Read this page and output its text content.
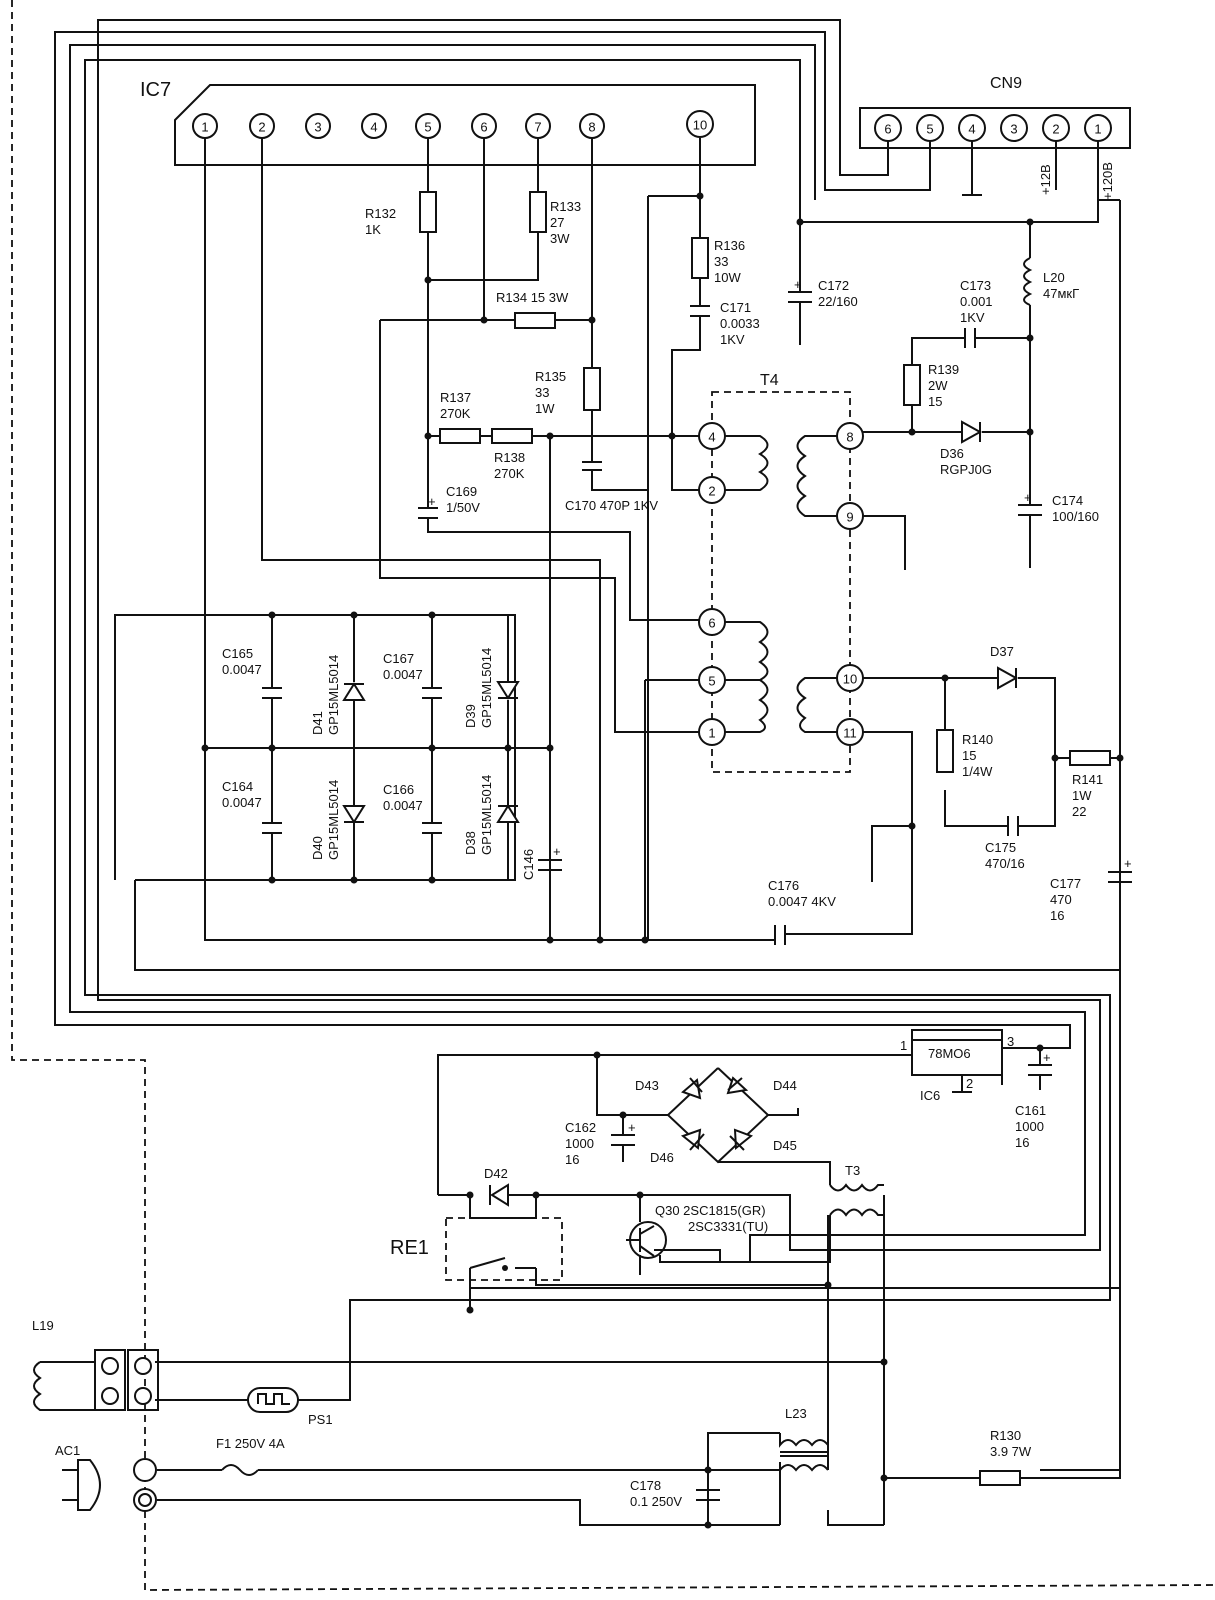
IC7
1	2	3	4	5	6	7	8	10
CN9
6	5	4	3	2	1
+12B	+120B
R132
1K
R133
27
3W
R134 15 3W
R135
33
1W
R136
33
10W
R137
270K
R138
270K
C171
0.0033
1KV
+
C169
1/50V	C170 470P 1KV
T4
4
2
6
5
1
8
9
10
11
+ C172
22/160
L20
47мкГ
C173
0.001
1KV
R139
2W
15
D36
RGPJ0G
+ C174
100/160
+
C165
0.0047
C167
0.0047
C164
0.0047
C166
0.0047
D41 GP15ML5014
D40 GP15ML5014
D39 GP15ML5014
D38 GP15ML5014
C146
D37
R140
15
1/4W
C175
470/16
R141
1W
22
C176
0.0047 4KV
+
C177
470
16
+
C162
1000
16
D43	D44
D45
D46
78MO6
1	3
2
IC6
+
C161
1000
16
T3
D42
RE1
Q30 2SC1815(GR)
2SC3331(TU)
L19
PS1
AC1	F1 250V 4A
C178
0.1 250V
L23
R130
3.9 7W
